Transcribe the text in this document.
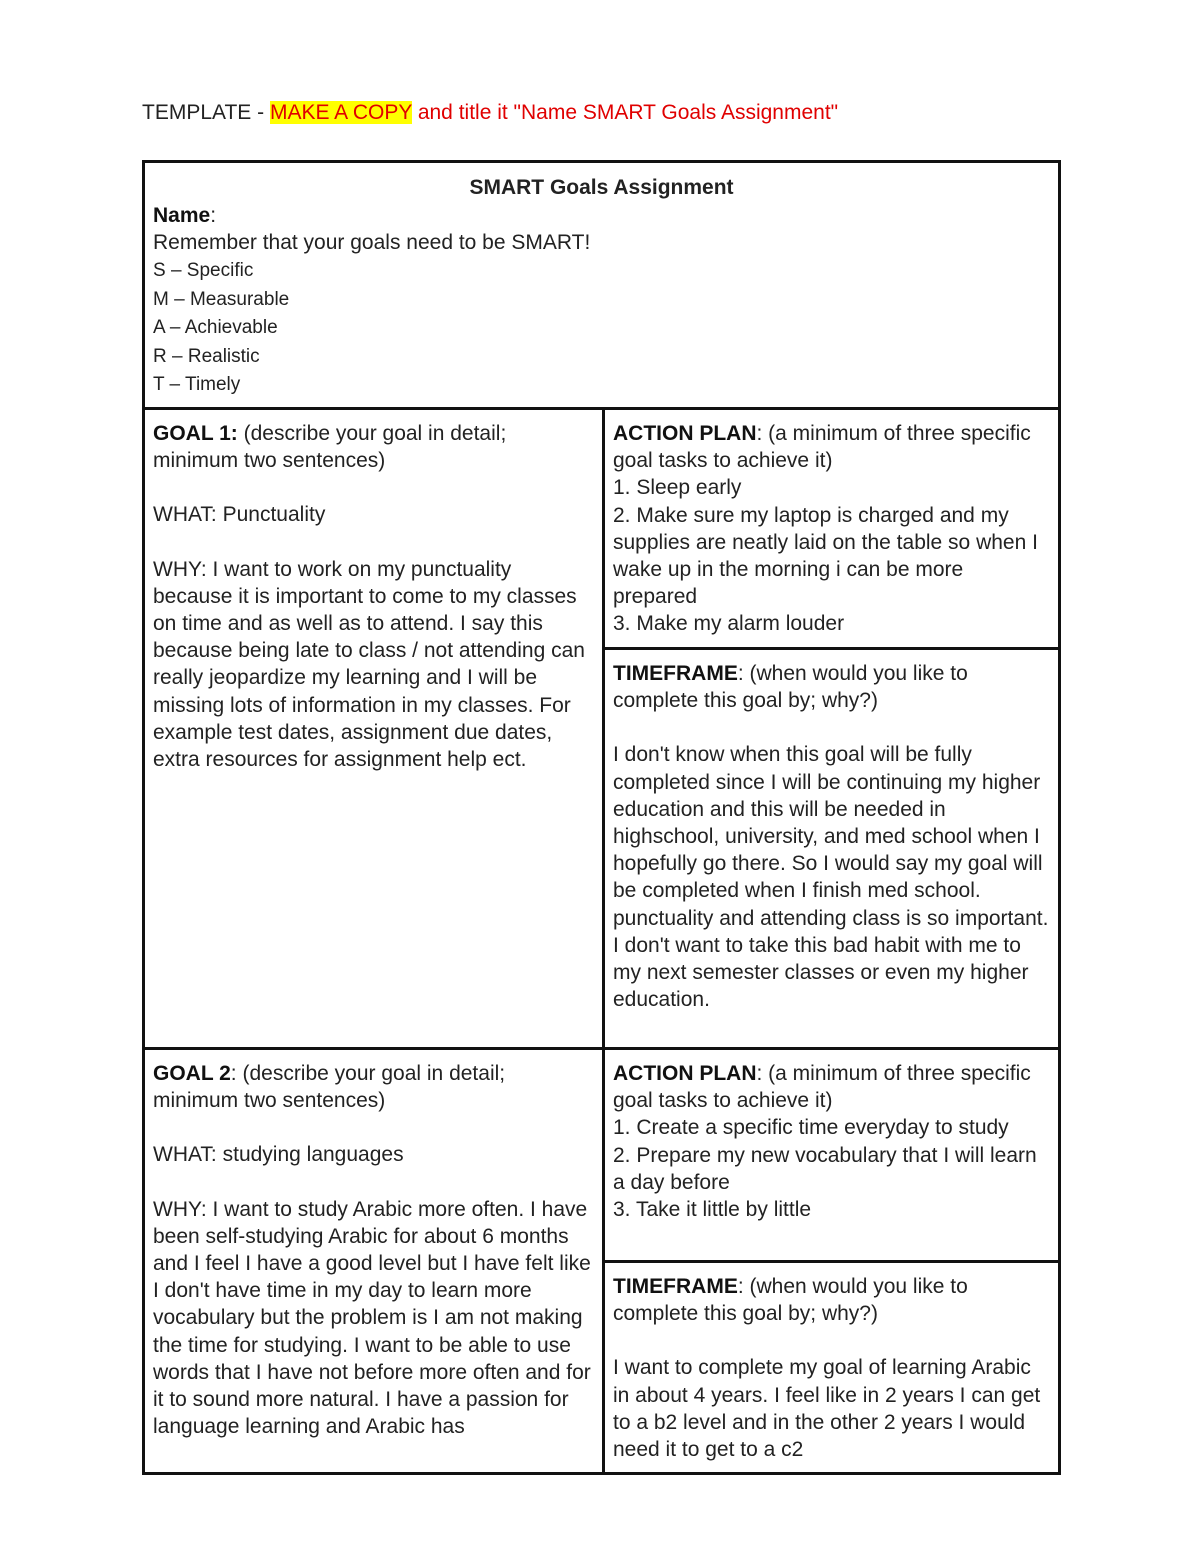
TEMPLATE - MAKE A COPY and title it "Name SMART Goals Assignment"
SMART Goals Assignment
Name:
Remember that your goals need to be SMART!
S – Specific
M – Measurable
A – Achievable
R – Realistic
T – Timely

GOAL 1: (describe your goal in detail; minimum two sentences)

WHAT: Punctuality

WHY: I want to work on my punctuality because it is important to come to my classes on time and as well as to attend. I say this because being late to class / not attending can really jeopardize my learning and I will be missing lots of information in my classes. For example test dates, assignment due dates, extra resources for assignment help ect.

ACTION PLAN: (a minimum of three specific goal tasks to achieve it)

1. Sleep early

2. Make sure my laptop is charged and my supplies are neatly laid on the table so when I wake up in the morning i can be more prepared

3. Make my alarm louder

TIMEFRAME: (when would you like to complete this goal by; why?)

I don't know when this goal will be fully completed since I will be continuing my higher education and this will be needed in highschool, university, and med school when I hopefully go there. So I would say my goal will be completed when I finish med school. punctuality and attending class is so important. I don't want to take this bad habit with me to my next semester classes or even my higher education.

GOAL 2: (describe your goal in detail; minimum two sentences)

WHAT: studying languages

WHY: I want to study Arabic more often. I have been self-studying Arabic for about 6 months and I feel I have a good level but I have felt like I don't have time in my day to learn more vocabulary but the problem is I am not making the time for studying. I want to be able to use words that I have not before more often and for it to sound more natural. I have a passion for language learning and Arabic has

ACTION PLAN: (a minimum of three specific goal tasks to achieve it)

1. Create a specific time everyday to study

2. Prepare my new vocabulary that I will learn a day before

3. Take it little by little

TIMEFRAME: (when would you like to complete this goal by; why?)

I want to complete my goal of learning Arabic in about 4 years. I feel like in 2 years I can get to a b2 level and in the other 2 years I would need it to get to a c2
